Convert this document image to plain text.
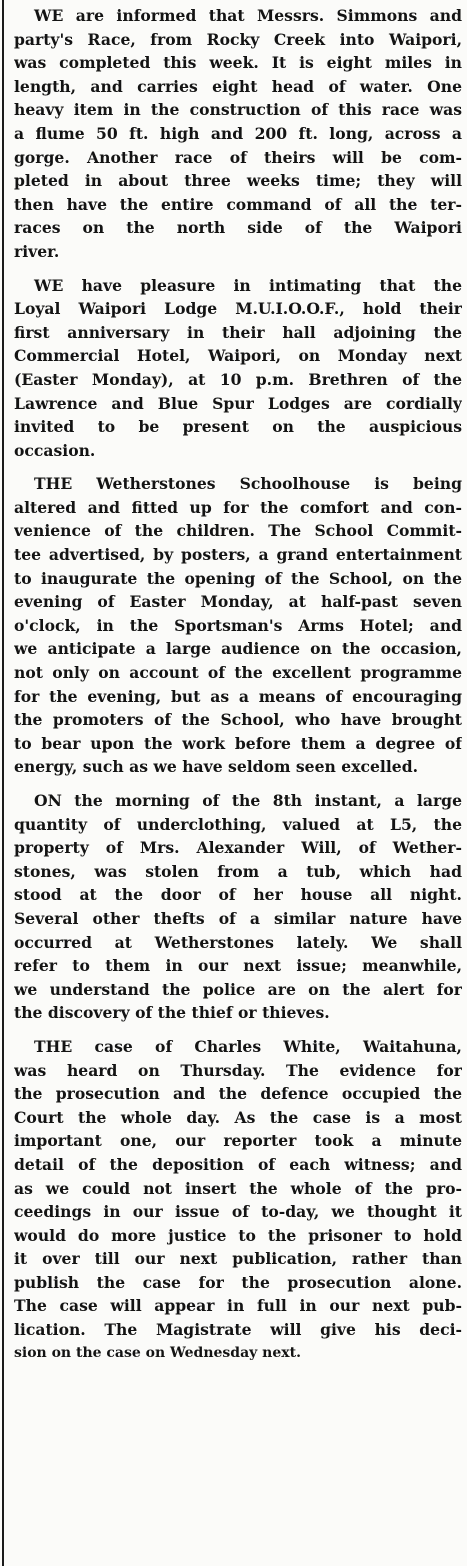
WE are informed that Messrs. Simmons and
party's Race, from Rocky Creek into Waipori,
was completed this week. It is eight miles in
length, and carries eight head of water. One
heavy item in the construction of this race was
a flume 50 ft. high and 200 ft. long, across a
gorge. Another race of theirs will be com-
pleted in about three weeks time; they will
then have the entire command of all the ter-
races on the north side of the Waipori
river.
WE have pleasure in intimating that the
Loyal Waipori Lodge M.U.I.O.O.F., hold their
first anniversary in their hall adjoining the
Commercial Hotel, Waipori, on Monday next
(Easter Monday), at 10 p.m. Brethren of the
Lawrence and Blue Spur Lodges are cordially
invited to be present on the auspicious
occasion.
THE Wetherstones Schoolhouse is being
altered and fitted up for the comfort and con-
venience of the children. The School Commit-
tee advertised, by posters, a grand entertainment
to inaugurate the opening of the School, on the
evening of Easter Monday, at half-past seven
o'clock, in the Sportsman's Arms Hotel; and
we anticipate a large audience on the occasion,
not only on account of the excellent programme
for the evening, but as a means of encouraging
the promoters of the School, who have brought
to bear upon the work before them a degree of
energy, such as we have seldom seen excelled.
ON the morning of the 8th instant, a large
quantity of underclothing, valued at L5, the
property of Mrs. Alexander Will, of Wether-
stones, was stolen from a tub, which had
stood at the door of her house all night.
Several other thefts of a similar nature have
occurred at Wetherstones lately. We shall
refer to them in our next issue; meanwhile,
we understand the police are on the alert for
the discovery of the thief or thieves.
THE case of Charles White, Waitahuna,
was heard on Thursday. The evidence for
the prosecution and the defence occupied the
Court the whole day. As the case is a most
important one, our reporter took a minute
detail of the deposition of each witness; and
as we could not insert the whole of the pro-
ceedings in our issue of to-day, we thought it
would do more justice to the prisoner to hold
it over till our next publication, rather than
publish the case for the prosecution alone.
The case will appear in full in our next pub-
lication. The Magistrate will give his deci-
sion on the case on Wednesday next.
